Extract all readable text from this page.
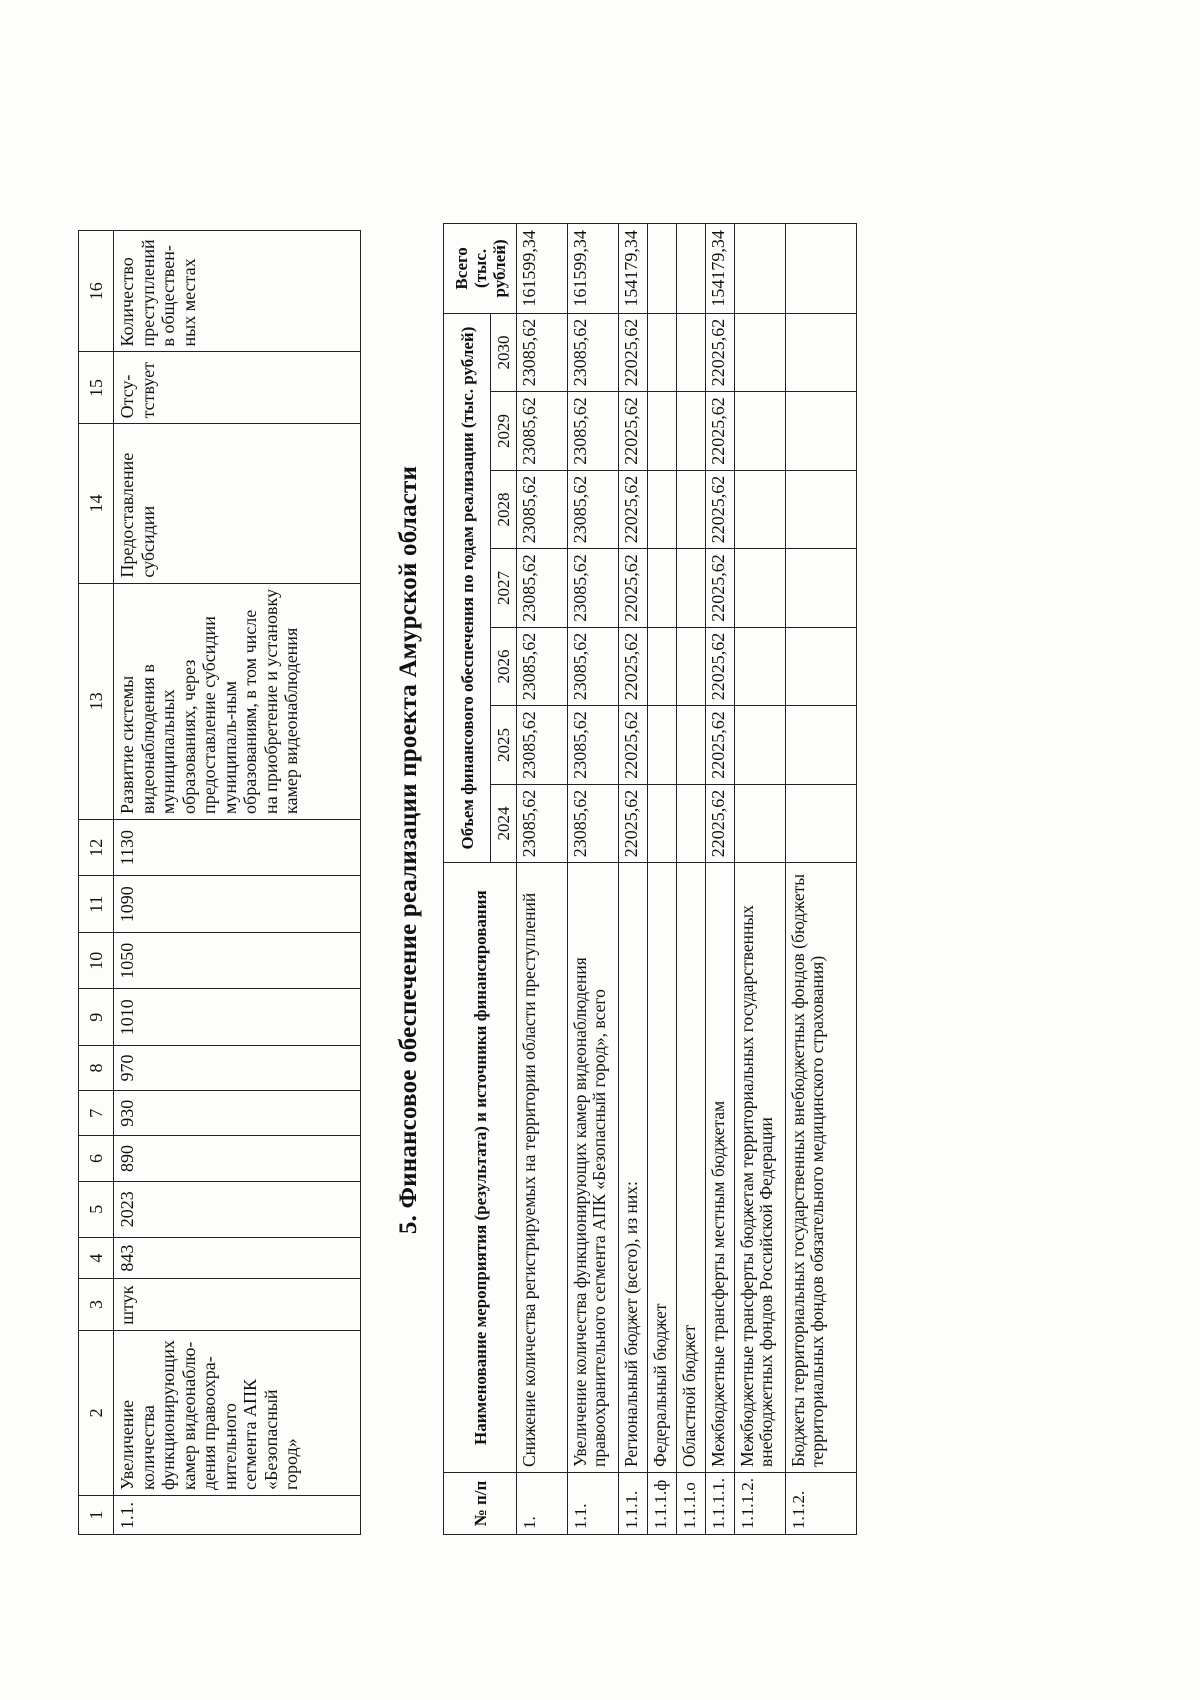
1	2	3	4	5	6	7	8	9	10	11	12	13	14	15	16
1.1.	Увеличение количества функционирующих камер видеонаблю-дения правоохра-нительного сегмента АПК «Безопасный город»	штук	843	2023	890	930	970	1010	1050	1090	1130	Развитие системы видеонаблюдения в муниципальных образованиях, через предоставление субсидии муниципаль-ным образованиям, в том числе на приобретение и установку камер видеонаблюдения	Предоставление субсидии	Отсу-тствует	Количество преступлений в обществен-ных местах
5. Финансовое обеспечение реализации проекта Амурской области
№ п/п	Наименование мероприятия (результата) и источники финансирования	Объем финансового обеспечения по годам реализации (тыс. рублей)							Всего (тыс. рублей)
		2024	2025	2026	2027	2028	2029	2030	
1.	Снижение количества регистрируемых на территории области преступлений	23085,62	23085,62	23085,62	23085,62	23085,62	23085,62	23085,62	161599,34
1.1.	Увеличение количества функционирующих камер видеонаблюдения правоохранительного сегмента АПК «Безопасный город», всего	23085,62	23085,62	23085,62	23085,62	23085,62	23085,62	23085,62	161599,34
1.1.1.	Региональный бюджет (всего), из них:	22025,62	22025,62	22025,62	22025,62	22025,62	22025,62	22025,62	154179,34
1.1.1.ф	Федеральный бюджет								
1.1.1.о	Областной бюджет								
1.1.1.1.	Межбюджетные трансферты местным бюджетам	22025,62	22025,62	22025,62	22025,62	22025,62	22025,62	22025,62	154179,34
1.1.1.2.	Межбюджетные трансферты бюджетам территориальных государственных внебюджетных фондов Российской Федерации								
1.1.2.	Бюджеты территориальных государственных внебюджетных фондов (бюджеты территориальных фондов обязательного медицинского страхования)								
